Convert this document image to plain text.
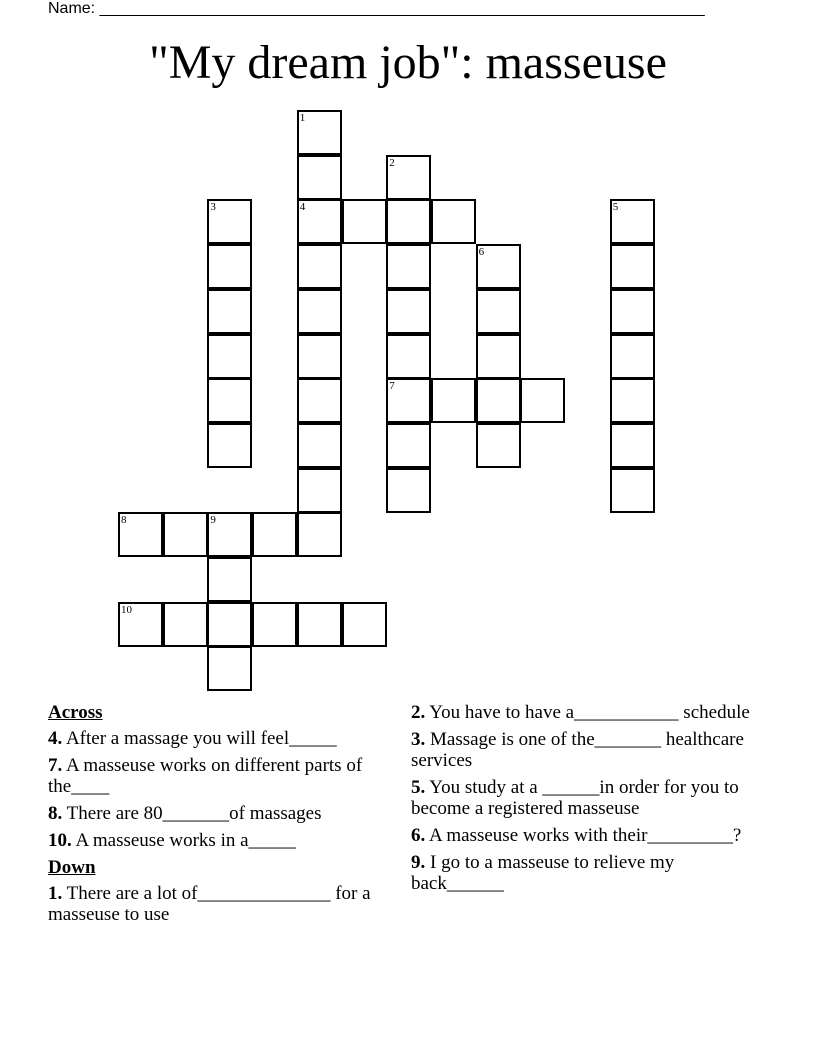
Name: ____________________________________________________________________
"My dream job": masseuse
1
4
2
7
3	5
6
8	9
10
Across
4. After a massage you will feel_____
7. A masseuse works on different parts of the____
8. There are 80_______of massages
10. A masseuse works in a_____
Down
1. There are a lot of______________ for a masseuse to use
2. You have to have a___________ schedule
3. Massage is one of the_______ healthcare services
5. You study at a ______in order for you to become a registered masseuse
6. A masseuse works with their_________?
9. I go to a masseuse to relieve my back______
